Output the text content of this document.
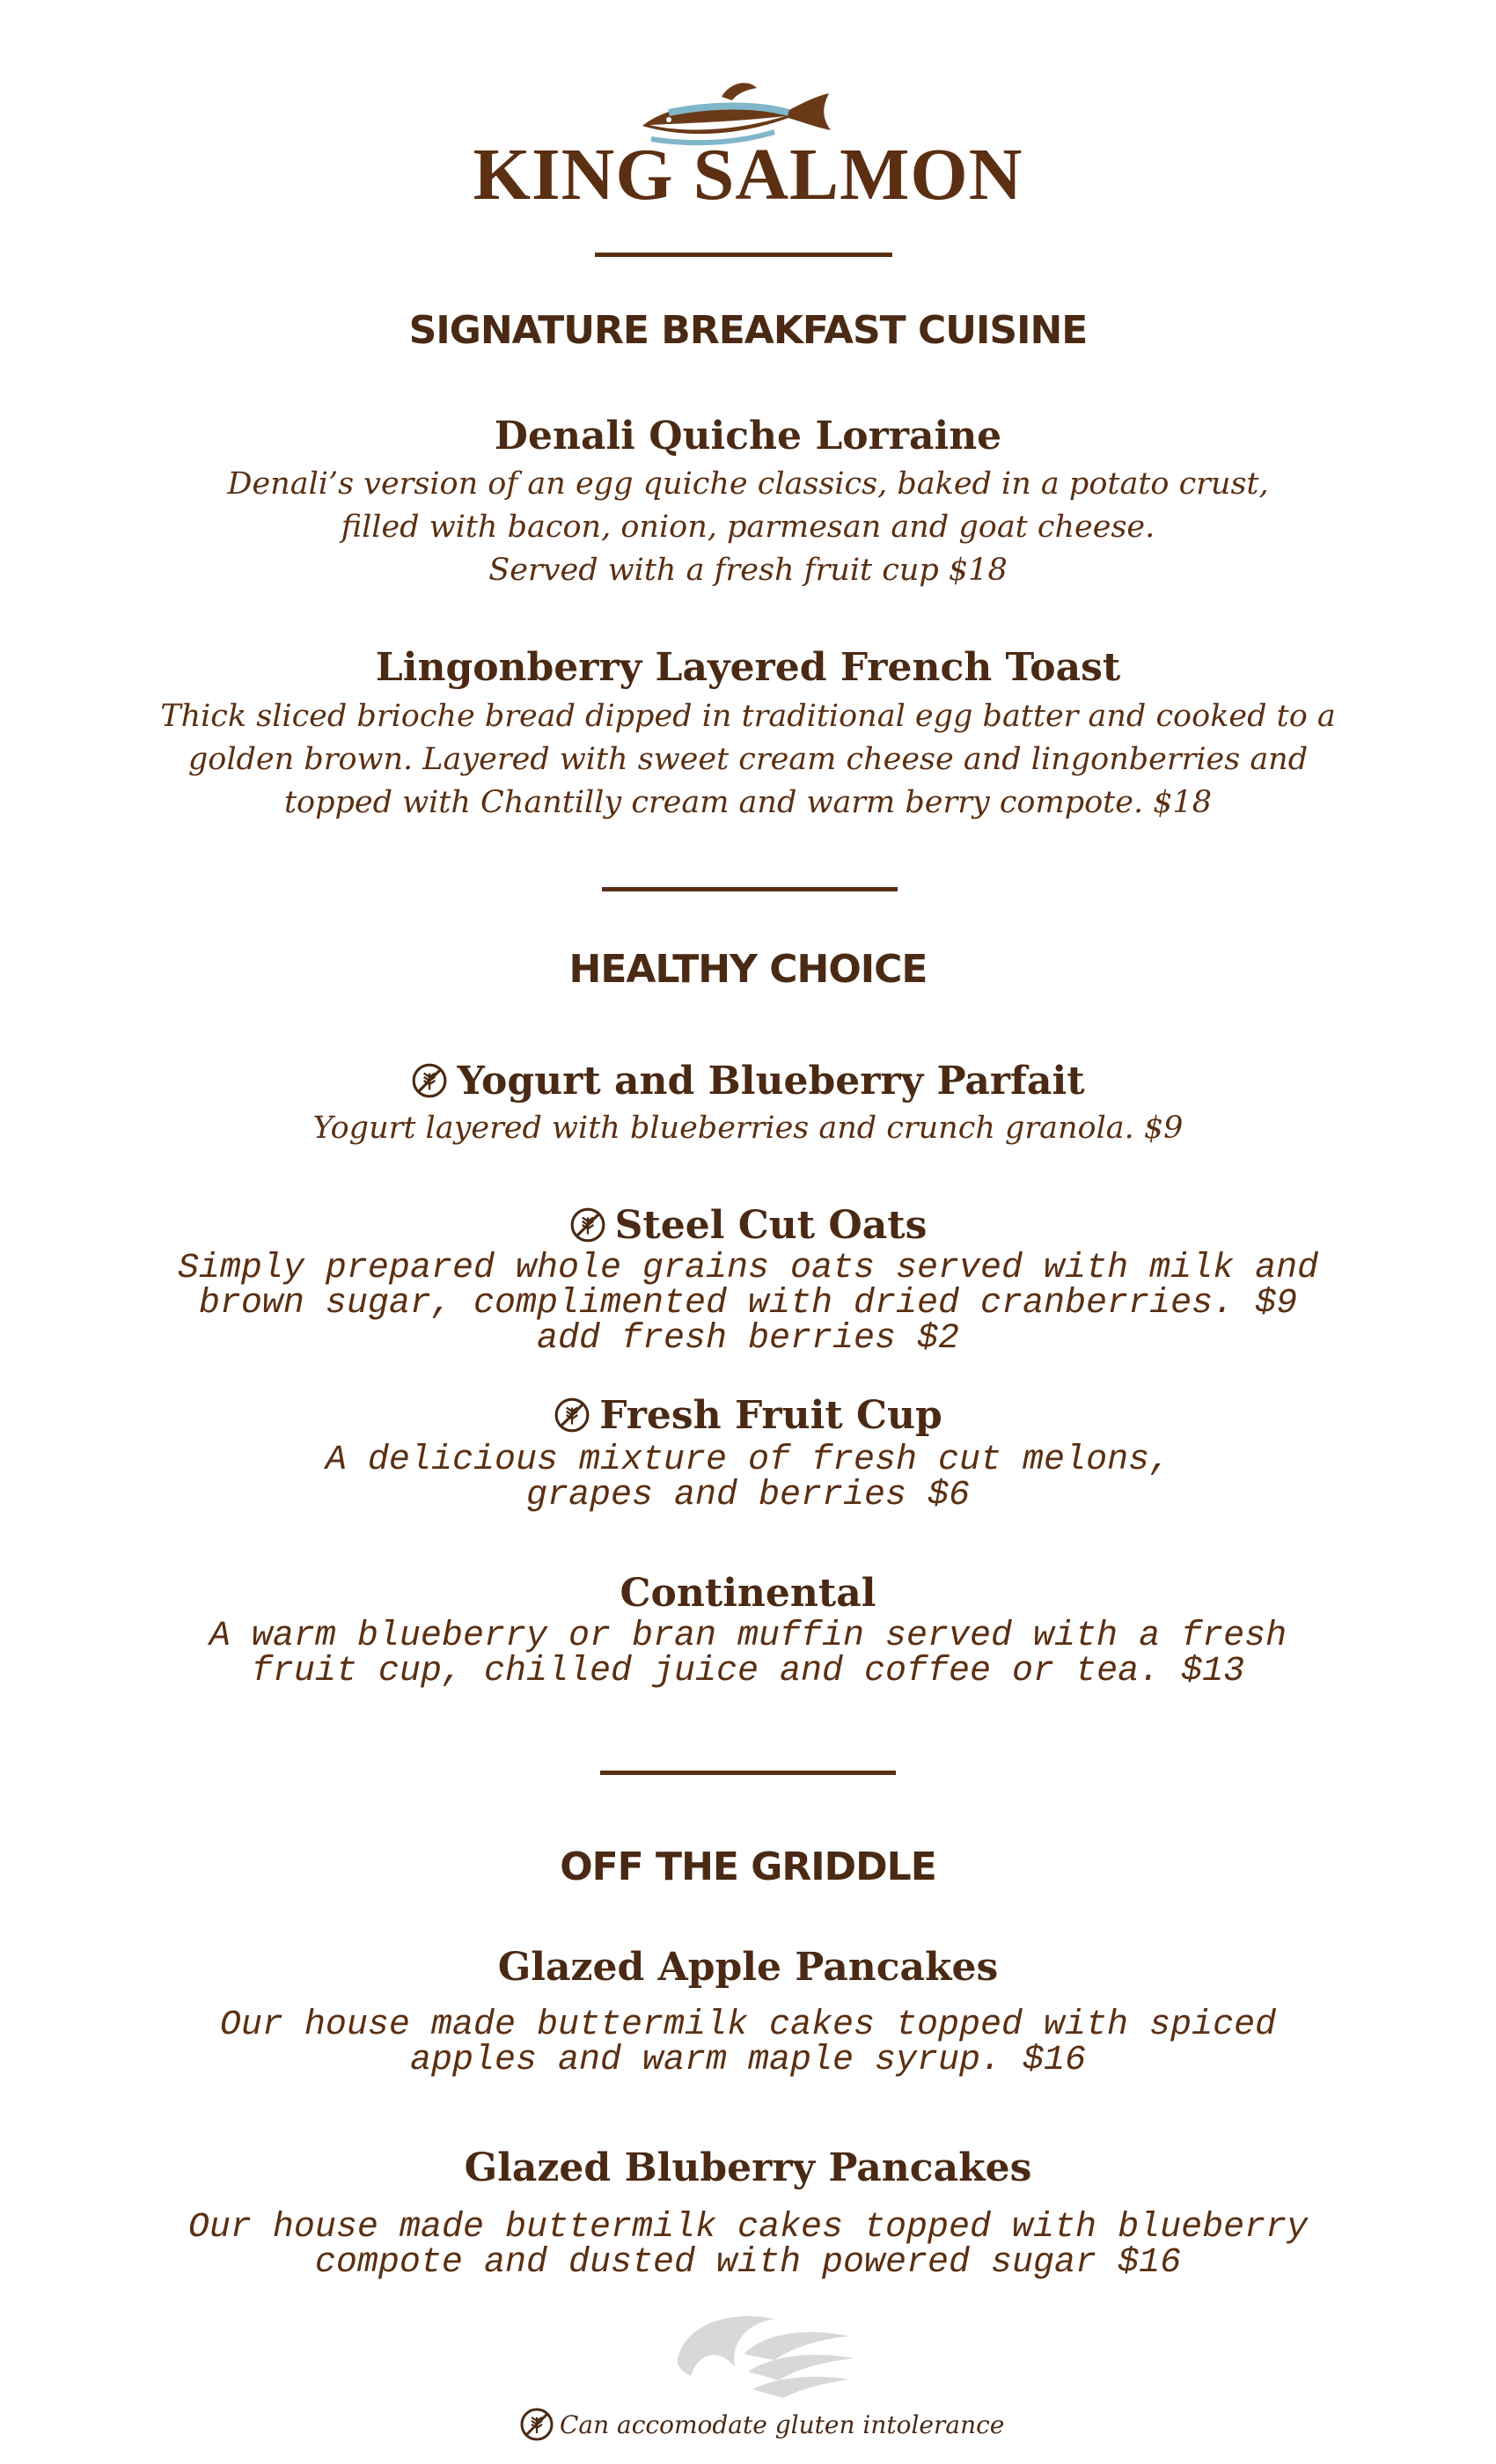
KING SALMON
SIGNATURE BREAKFAST CUISINE
Denali Quiche Lorraine
Denali’s version of an egg quiche classics, baked in a potato crust,
filled with bacon, onion, parmesan and goat cheese.
Served with a fresh fruit cup $18
Lingonberry Layered French Toast
Thick sliced brioche bread dipped in traditional egg batter and cooked to a
golden brown. Layered with sweet cream cheese and lingonberries and
topped with Chantilly cream and warm berry compote. $18
HEALTHY CHOICE
Yogurt and Blueberry Parfait
Yogurt layered with blueberries and crunch granola. $9
Steel Cut Oats
Simply prepared whole grains oats served with milk and
brown sugar, complimented with dried cranberries. $9
add fresh berries $2
Fresh Fruit Cup
A delicious mixture of fresh cut melons,
grapes and berries $6
Continental
A warm blueberry or bran muffin served with a fresh
fruit cup, chilled juice and coffee or tea. $13
OFF THE GRIDDLE
Glazed Apple Pancakes
Our house made buttermilk cakes topped with spiced
apples and warm maple syrup. $16
Glazed Bluberry Pancakes
Our house made buttermilk cakes topped with blueberry
compote and dusted with powered sugar $16
Can accomodate gluten intolerance
